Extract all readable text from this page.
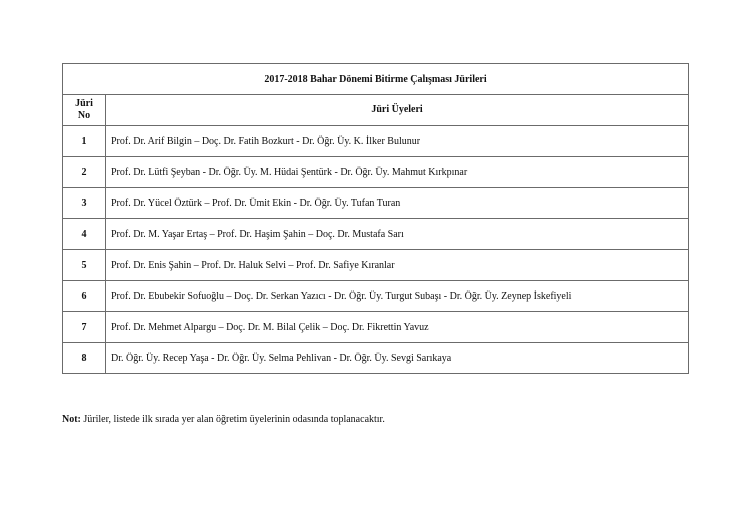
2017-2018 Bahar Dönemi Bitirme Çalışması Jürileri	
Jüri
No	Jüri Üyeleri
1	Prof. Dr. Arif Bilgin – Doç. Dr. Fatih Bozkurt - Dr. Öğr. Üy. K. İlker Bulunur
2	Prof. Dr. Lütfi Şeyban - Dr. Öğr. Üy. M. Hüdai Şentürk - Dr. Öğr. Üy. Mahmut Kırkpınar
3	Prof. Dr. Yücel Öztürk – Prof. Dr. Ümit Ekin - Dr. Öğr. Üy. Tufan Turan
4	Prof. Dr. M. Yaşar Ertaş – Prof. Dr. Haşim Şahin – Doç. Dr. Mustafa Sarı
5	Prof. Dr. Enis Şahin – Prof. Dr. Haluk Selvi – Prof. Dr. Safiye Kıranlar
6	Prof. Dr. Ebubekir Sofuoğlu – Doç. Dr. Serkan Yazıcı - Dr. Öğr. Üy. Turgut Subaşı - Dr. Öğr. Üy. Zeynep İskefiyeli
7	Prof. Dr. Mehmet Alpargu – Doç. Dr. M. Bilal Çelik – Doç. Dr. Fikrettin Yavuz
8	Dr. Öğr. Üy. Recep Yaşa - Dr. Öğr. Üy. Selma Pehlivan - Dr. Öğr. Üy. Sevgi Sarıkaya
Not: Jüriler, listede ilk sırada yer alan öğretim üyelerinin odasında toplanacaktır.
